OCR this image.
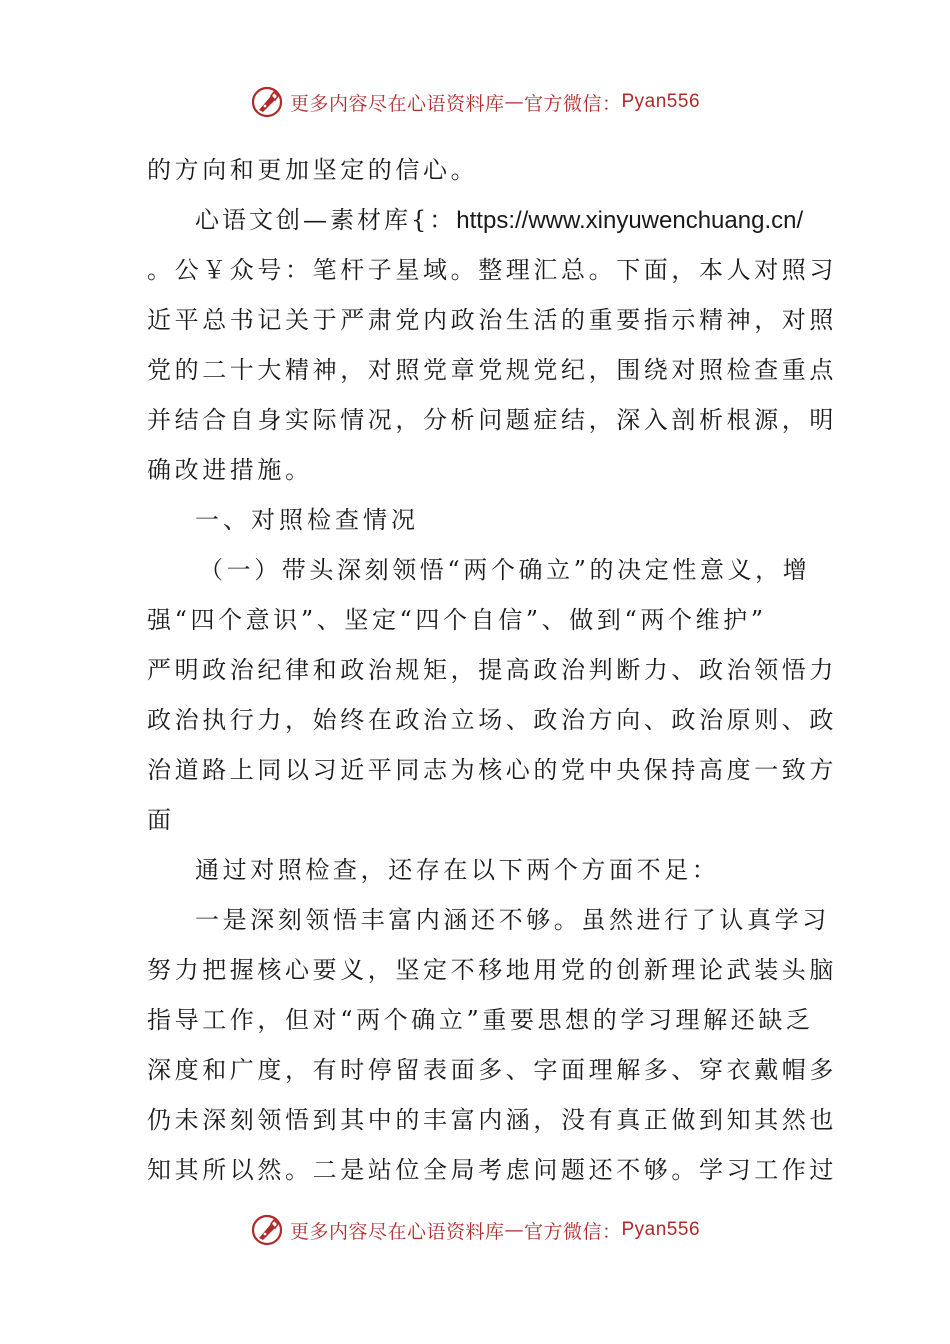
更多内容尽在心语资料库 — 官方微信： Pyan556
的方向和更加坚定的信心。
心语文创—素材库{：https://www.xinyuwenchuang.cn/
。公￥众号：笔杆子星域。整理汇总。下面，本人对照习
近平总书记关于严肃党内政治生活的重要指示精神，对照
党的二十大精神，对照党章党规党纪，围绕对照检查重点
并结合自身实际情况，分析问题症结，深入剖析根源，明
确改进措施。
一、对照检查情况
（一）带头深刻领悟“两个确立”的决定性意义，增
强“四个意识”、坚定“四个自信”、做到“两个维护”
严明政治纪律和政治规矩，提高政治判断力、政治领悟力
政治执行力，始终在政治立场、政治方向、政治原则、政
治道路上同以习近平同志为核心的党中央保持高度一致方
面
通过对照检查，还存在以下两个方面不足：
一是深刻领悟丰富内涵还不够。虽然进行了认真学习
努力把握核心要义，坚定不移地用党的创新理论武装头脑
指导工作，但对“两个确立”重要思想的学习理解还缺乏
深度和广度，有时停留表面多、字面理解多、穿衣戴帽多
仍未深刻领悟到其中的丰富内涵，没有真正做到知其然也
知其所以然。二是站位全局考虑问题还不够。学习工作过
更多内容尽在心语资料库 — 官方微信： Pyan556
